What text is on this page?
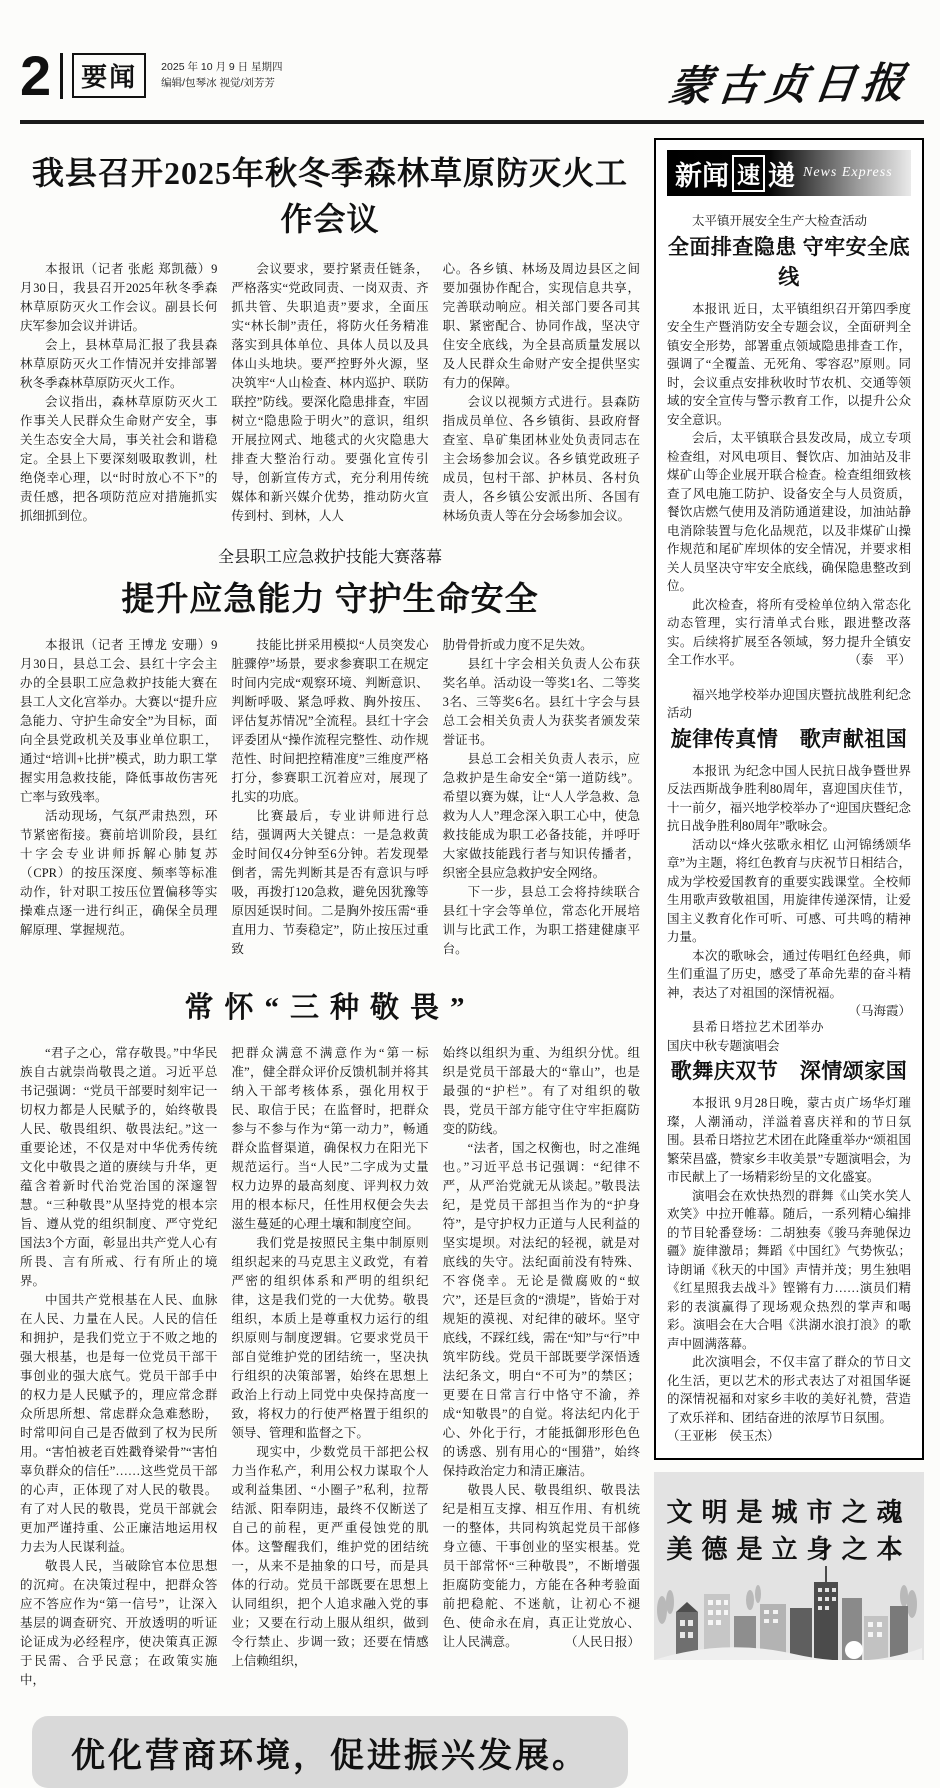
2	要闻	2025 年 10 月 9 日 星期四
编辑/包琴冰 视觉/刘芳芳	蒙古贞日报
我县召开2025年秋冬季森林草原防灭火工作会议

本报讯（记者 张彪 郑凯薇）9月30日，我县召开2025年秋冬季森林草原防灭火工作会议。副县长何庆军参加会议并讲话。

会上，县林草局汇报了我县森林草原防灭火工作情况并安排部署秋冬季森林草原防灭火工作。

会议指出，森林草原防灭火工作事关人民群众生命财产安全，事关生态安全大局，事关社会和谐稳定。全县上下要深刻吸取教训，杜绝侥幸心理，以“时时放心不下”的责任感，把各项防范应对措施抓实抓细抓到位。

会议要求，要拧紧责任链条，严格落实“党政同责、一岗双责、齐抓共管、失职追责”要求，全面压实“林长制”责任，将防火任务精准落实到具体单位、具体人员以及具体山头地块。要严控野外火源，坚决筑牢“人山检查、林内巡护、联防联控”防线。要深化隐患排查，牢固树立“隐患险于明火”的意识，组织开展拉网式、地毯式的火灾隐患大排查大整治行动。要强化宣传引导，创新宣传方式，充分利用传统媒体和新兴媒介优势，推动防火宣传到村、到林，人人

心。各乡镇、林场及周边县区之间要加强协作配合，实现信息共享，完善联动响应。相关部门要各司其职、紧密配合、协同作战，坚决守住安全底线，为全县高质量发展以及人民群众生命财产安全提供坚实有力的保障。

会议以视频方式进行。县森防指成员单位、各乡镇街、县政府督查室、阜矿集团林业处负责同志在主会场参加会议。各乡镇党政班子成员，包村干部、护林员、各村负责人，各乡镇公安派出所、各国有林场负责人等在分会场参加会议。

全县职工应急救护技能大赛落幕

提升应急能力 守护生命安全

本报讯（记者 王博龙 安珊）9月30日，县总工会、县红十字会主办的全县职工应急救护技能大赛在县工人文化宫举办。大赛以“提升应急能力、守护生命安全”为目标，面向全县党政机关及事业单位职工，通过“培训+比拼”模式，助力职工掌握实用急救技能，降低事故伤害死亡率与致残率。

活动现场，气氛严肃热烈，环节紧密衔接。赛前培训阶段，县红十字会专业讲师拆解心肺复苏（CPR）的按压深度、频率等标准动作，针对职工按压位置偏移等实操难点逐一进行纠正，确保全员理解原理、掌握规范。

技能比拼采用模拟“人员突发心脏骤停”场景，要求参赛职工在规定时间内完成“观察环境、判断意识、判断呼吸、紧急呼救、胸外按压、评估复苏情况”全流程。县红十字会评委团从“操作流程完整性、动作规范性、时间把控精准度”三维度严格打分，参赛职工沉着应对，展现了扎实的功底。

比赛最后，专业讲师进行总结，强调两大关键点：一是急救黄金时间仅4分钟至6分钟。若发现晕倒者，需先判断其是否有意识与呼吸，再拨打120急救，避免因犹豫等原因延误时间。二是胸外按压需“垂直用力、节奏稳定”，防止按压过重致

肋骨骨折或力度不足失效。

县红十字会相关负责人公布获奖名单。活动设一等奖1名、二等奖3名、三等奖6名。县红十字会与县总工会相关负责人为获奖者颁发荣誉证书。

县总工会相关负责人表示，应急救护是生命安全“第一道防线”。希望以赛为媒，让“人人学急救、急救为人人”理念深入职工心中，使急救技能成为职工必备技能，并呼吁大家做技能践行者与知识传播者，织密全县应急救护安全网络。

下一步，县总工会将持续联合县红十字会等单位，常态化开展培训与比武工作，为职工搭建健康平台。

常怀“三种敬畏”

“君子之心，常存敬畏。”中华民族自古就崇尚敬畏之道。习近平总书记强调：“党员干部要时刻牢记一切权力都是人民赋予的，始终敬畏人民、敬畏组织、敬畏法纪。”这一重要论述，不仅是对中华优秀传统文化中敬畏之道的赓续与升华，更蕴含着新时代治党治国的深邃智慧。“三种敬畏”从坚持党的根本宗旨、遵从党的组织制度、严守党纪国法3个方面，彰显出共产党人心有所畏、言有所戒、行有所止的境界。

中国共产党根基在人民、血脉在人民、力量在人民。人民的信任和拥护，是我们党立于不败之地的强大根基，也是每一位党员干部干事创业的强大底气。党员干部手中的权力是人民赋予的，理应常念群众所思所想、常虑群众急难愁盼，时常叩问自己是否做到了权为民所用。“害怕被老百姓戳脊梁骨”“害怕辜负群众的信任”……这些党员干部的心声，正体现了对人民的敬畏。有了对人民的敬畏，党员干部就会更加严谨持重、公正廉洁地运用权力去为人民谋利益。

敬畏人民，当破除官本位思想的沉疴。在决策过程中，把群众答应不答应作为“第一信号”，让深入基层的调查研究、开放透明的听证论证成为必经程序，使决策真正源于民需、合乎民意；在政策实施中，

把群众满意不满意作为“第一标准”，健全群众评价反馈机制并将其纳入干部考核体系，强化用权于民、取信于民；在监督时，把群众参与不参与作为“第一动力”，畅通群众监督渠道，确保权力在阳光下规范运行。当“人民”二字成为丈量权力边界的最高刻度、评判权力效用的根本标尺，任性用权便会失去滋生蔓延的心理土壤和制度空间。

我们党是按照民主集中制原则组织起来的马克思主义政党，有着严密的组织体系和严明的组织纪律，这是我们党的一大优势。敬畏组织，本质上是尊重权力运行的组织原则与制度逻辑。它要求党员干部自觉维护党的团结统一，坚决执行组织的决策部署，始终在思想上政治上行动上同党中央保持高度一致，将权力的行使严格置于组织的领导、管理和监督之下。

现实中，少数党员干部把公权力当作私产，利用公权力谋取个人或利益集团、“小圈子”私利，拉帮结派、阳奉阴违，最终不仅断送了自己的前程，更严重侵蚀党的肌体。这警醒我们，维护党的团结统一，从来不是抽象的口号，而是具体的行动。党员干部既要在思想上认同组织，把个人追求融入党的事业；又要在行动上服从组织，做到令行禁止、步调一致；还要在情感上信赖组织，

始终以组织为重、为组织分忧。组织是党员干部最大的“靠山”，也是最强的“护栏”。有了对组织的敬畏，党员干部方能守住守牢拒腐防变的防线。

“法者，国之权衡也，时之准绳也。”习近平总书记强调：“纪律不严，从严治党就无从谈起。”敬畏法纪，是党员干部担当作为的“护身符”，是守护权力正道与人民利益的坚实堤坝。对法纪的轻视，就是对底线的失守。法纪面前没有特殊、不容侥幸。无论是微腐败的“蚁穴”，还是巨贪的“溃堤”，皆始于对规矩的漠视、对纪律的破坏。坚守底线，不踩红线，需在“知”与“行”中筑牢防线。党员干部既要学深悟透法纪条文，明白“不可为”的禁区；更要在日常言行中恪守不渝，养成“知敬畏”的自觉。将法纪内化于心、外化于行，才能抵御形形色色的诱惑、别有用心的“围猎”，始终保持政治定力和清正廉洁。

敬畏人民、敬畏组织、敬畏法纪是相互支撑、相互作用、有机统一的整体，共同构筑起党员干部修身立德、干事创业的坚实根基。党员干部常怀“三种敬畏”，不断增强拒腐防变能力，方能在各种考验面前把稳舵、不迷航，让初心不褪色、使命永在肩，真正让党放心、让人民满意。	（人民日报）

优化营商环境，促进振兴发展。
新闻 速 递 News Express

太平镇开展安全生产大检查活动

全面排查隐患 守牢安全底线

本报讯 近日，太平镇组织召开第四季度安全生产暨消防安全专题会议，全面研判全镇安全形势，部署重点领域隐患排查工作，强调了“全覆盖、无死角、零容忍”原则。同时，会议重点安排秋收时节农机、交通等领域的安全宣传与警示教育工作，以提升公众安全意识。

会后，太平镇联合县发改局，成立专项检查组，对风电项目、餐饮店、加油站及非煤矿山等企业展开联合检查。检查组细致核查了风电施工防护、设备安全与人员资质，餐饮店燃气使用及消防通道建设，加油站静电消除装置与危化品规范，以及非煤矿山操作规范和尾矿库坝体的安全情况，并要求相关人员坚决守牢安全底线，确保隐患整改到位。

此次检查，将所有受检单位纳入常态化动态管理，实行清单式台账，跟进整改落实。后续将扩展至各领域，努力提升全镇安全工作水平。	（泰　平）

福兴地学校举办迎国庆暨抗战胜利纪念活动

旋律传真情　歌声献祖国

本报讯 为纪念中国人民抗日战争暨世界反法西斯战争胜利80周年，喜迎国庆佳节，十一前夕，福兴地学校举办了“迎国庆暨纪念抗日战争胜利80周年”歌咏会。

活动以“烽火弦歌永相忆 山河锦绣颂华章”为主题，将红色教育与庆祝节日相结合，成为学校爱国教育的重要实践课堂。全校师生用歌声致敬祖国，用旋律传递深情，让爱国主义教育化作可听、可感、可共鸣的精神力量。

本次的歌咏会，通过传唱红色经典，师生们重温了历史，感受了革命先辈的奋斗精神，表达了对祖国的深情祝福。
（马海霞）

县希日塔拉艺术团举办国庆中秋专题演唱会

歌舞庆双节　深情颂家国

本报讯 9月28日晚，蒙古贞广场华灯璀璨，人潮涌动，洋溢着喜庆祥和的节日氛围。县希日塔拉艺术团在此隆重举办“颂祖国繁荣昌盛，赞家乡丰收美景”专题演唱会，为市民献上了一场精彩纷呈的文化盛宴。

演唱会在欢快热烈的群舞《山笑水笑人欢笑》中拉开帷幕。随后，一系列精心编排的节目轮番登场：二胡独奏《骏马奔驰保边疆》旋律激昂；舞蹈《中国红》气势恢弘；诗朗诵《秋天的中国》声情并茂；男生独唱《红星照我去战斗》铿锵有力……演员们精彩的表演赢得了现场观众热烈的掌声和喝彩。演唱会在大合唱《洪湖水浪打浪》的歌声中圆满落幕。

此次演唱会，不仅丰富了群众的节日文化生活，更以艺术的形式表达了对祖国华诞的深情祝福和对家乡丰收的美好礼赞，营造了欢乐祥和、团结奋进的浓厚节日氛围。

（王亚彬　侯玉杰）

文明是城市之魂
美德是立身之本
